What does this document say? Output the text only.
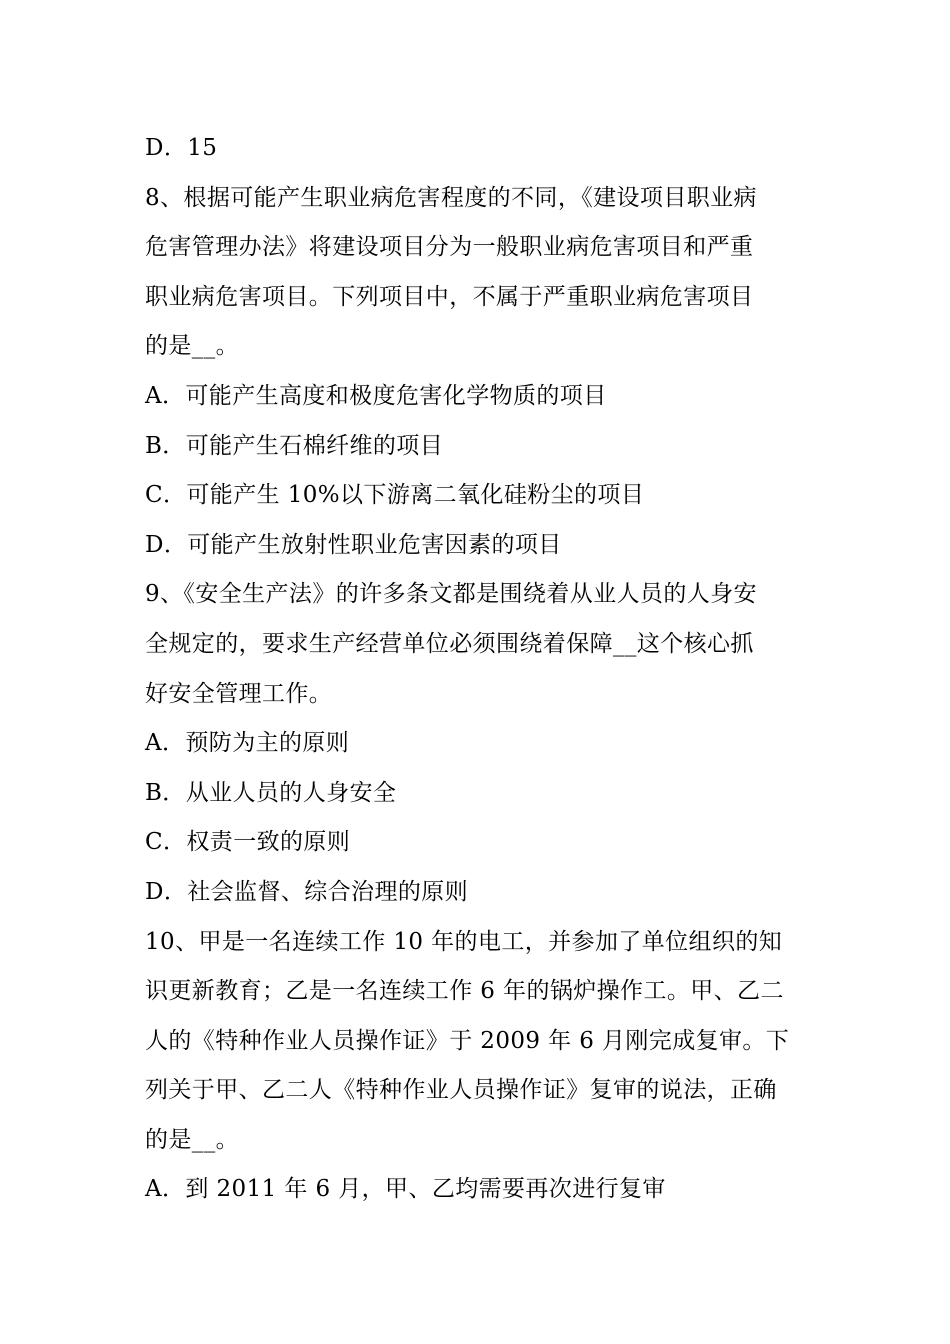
D．15
8、根据可能产生职业病危害程度的不同，《建设项目职业病
危害管理办法》将建设项目分为一般职业病危害项目和严重
职业病危害项目。下列项目中，不属于严重职业病危害项目
的是__。
A．可能产生高度和极度危害化学物质的项目
B．可能产生石棉纤维的项目
C．可能产生 10%以下游离二氧化硅粉尘的项目
D．可能产生放射性职业危害因素的项目
9、《安全生产法》的许多条文都是围绕着从业人员的人身安
全规定的，要求生产经营单位必须围绕着保障__这个核心抓
好安全管理工作。
A．预防为主的原则
B．从业人员的人身安全
C．权责一致的原则
D．社会监督、综合治理的原则
10、甲是一名连续工作 10 年的电工，并参加了单位组织的知
识更新教育；乙是一名连续工作 6 年的锅炉操作工。甲、乙二
人的《特种作业人员操作证》于 2009 年 6 月刚完成复审。下
列关于甲、乙二人《特种作业人员操作证》复审的说法，正确
的是__。
A．到 2011 年 6 月，甲、乙均需要再次进行复审
